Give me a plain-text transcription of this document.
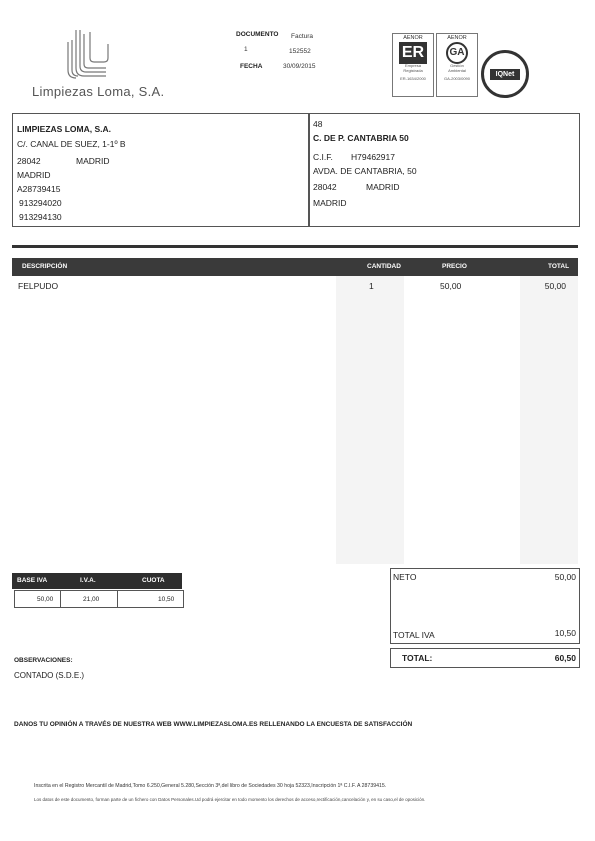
Limpiezas Loma, S.A.
DOCUMENTO Factura
1	152552
FECHA	30/09/2015
AENOR
ER
Empresa
Registrada
ER-1634/2000
AENOR
GA
Gestión
Ambiental
GA-2003/0090
IQNet
LIMPIEZAS LOMA, S.A.
C/. CANAL DE SUEZ, 1-1º B
28042	MADRID
MADRID
A28739415
913294020
913294130
48
C. DE P. CANTABRIA 50
C.I.F. H79462917
AVDA. DE CANTABRIA, 50
28042	MADRID
MADRID
DESCRIPCIÓN	CANTIDAD	PRECIO	TOTAL
FELPUDO	1	50,00	50,00
BASE IVA	I.V.A.	CUOTA
50,00	21,00	10,50
NETO	50,00
TOTAL IVA	10,50
TOTAL:	60,50
OBSERVACIONES:
CONTADO (S.D.E.)
DANOS TU OPINIÓN A TRAVÉS DE NUESTRA WEB WWW.LIMPIEZASLOMA.ES RELLENANDO LA ENCUESTA DE SATISFACCIÓN
Inscrita en el Registro Mercantil de Madrid,Tomo 6.250,General 5.280,Sección 3ª,del libro de Sociedades 30 hoja 52323,Inscripción 1ª C.I.F. A 28739415.
Los datos de este documento, forman parte de un fichero con Datos Personales.Ud podrá ejercitar en todo momento los derechos de acceso,rectificación,cancelación y, en su caso,el de oposición.
